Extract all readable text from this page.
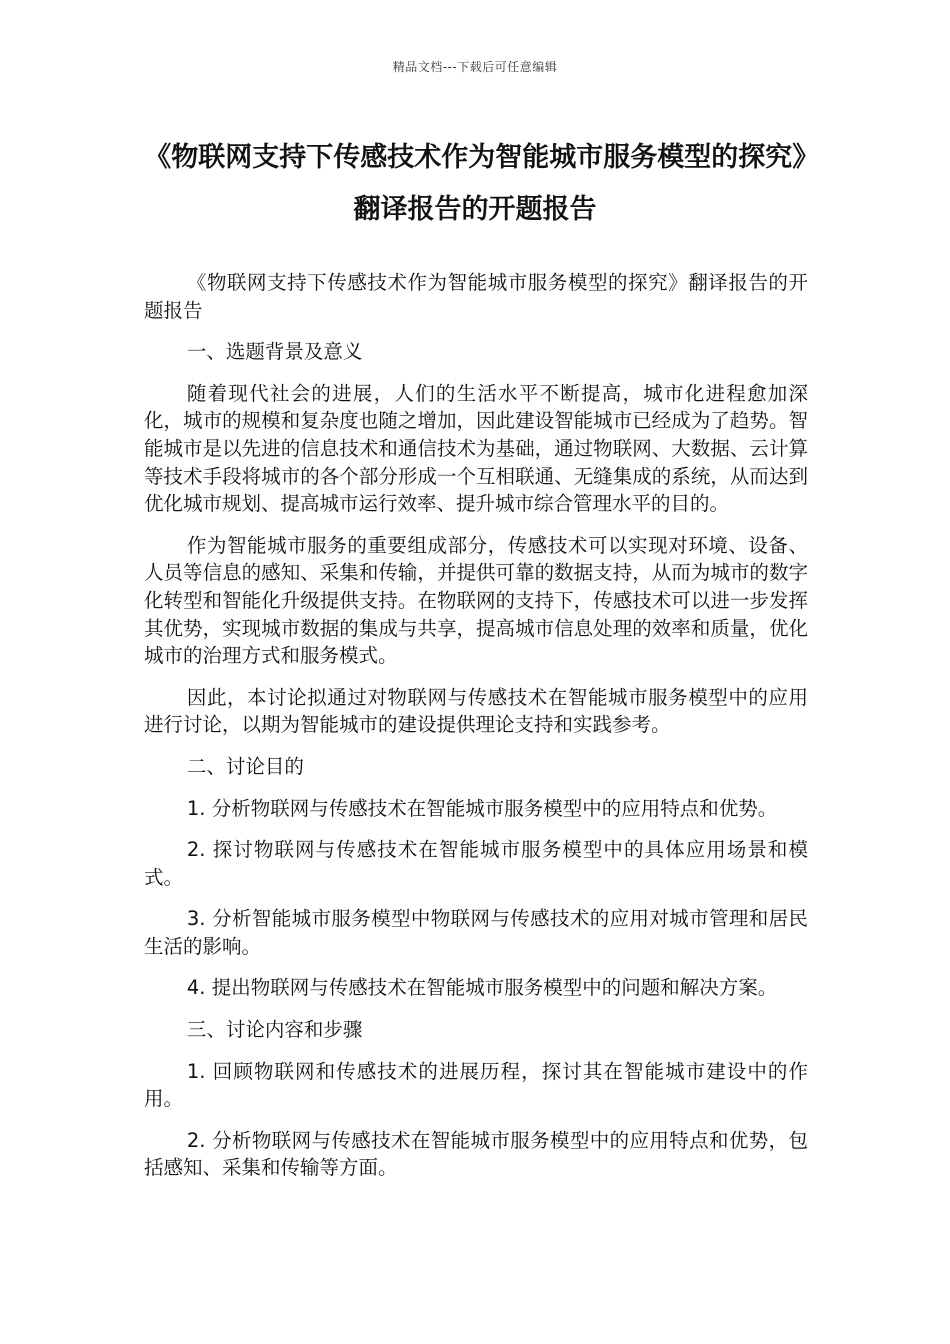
精品文档---下载后可任意编辑
《物联网支持下传感技术作为智能城市服务模型的探究》翻译报告的开题报告

《物联网支持下传感技术作为智能城市服务模型的探究》翻译报告的开题报告

一、选题背景及意义

随着现代社会的进展，人们的生活水平不断提高，城市化进程愈加深化，城市的规模和复杂度也随之增加，因此建设智能城市已经成为了趋势。智能城市是以先进的信息技术和通信技术为基础，通过物联网、大数据、云计算等技术手段将城市的各个部分形成一个互相联通、无缝集成的系统，从而达到优化城市规划、提高城市运行效率、提升城市综合管理水平的目的。

作为智能城市服务的重要组成部分，传感技术可以实现对环境、设备、人员等信息的感知、采集和传输，并提供可靠的数据支持，从而为城市的数字化转型和智能化升级提供支持。在物联网的支持下，传感技术可以进一步发挥其优势，实现城市数据的集成与共享，提高城市信息处理的效率和质量，优化城市的治理方式和服务模式。

因此，本讨论拟通过对物联网与传感技术在智能城市服务模型中的应用进行讨论，以期为智能城市的建设提供理论支持和实践参考。

二、讨论目的

1. 分析物联网与传感技术在智能城市服务模型中的应用特点和优势。

2. 探讨物联网与传感技术在智能城市服务模型中的具体应用场景和模式。

3. 分析智能城市服务模型中物联网与传感技术的应用对城市管理和居民生活的影响。

4. 提出物联网与传感技术在智能城市服务模型中的问题和解决方案。

三、讨论内容和步骤

1. 回顾物联网和传感技术的进展历程，探讨其在智能城市建设中的作用。

2. 分析物联网与传感技术在智能城市服务模型中的应用特点和优势，包括感知、采集和传输等方面。
